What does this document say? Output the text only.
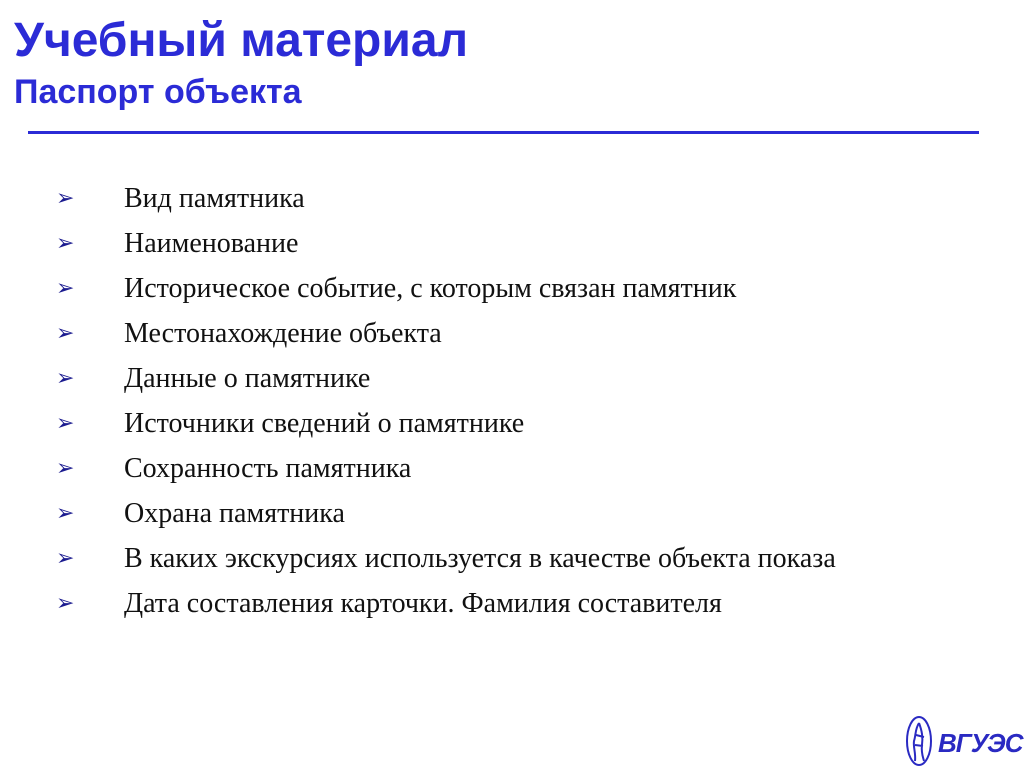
Учебный материал
Паспорт объекта
➢	Вид памятника
➢	Наименование
➢	Историческое событие, с которым связан памятник
➢	Местонахождение объекта
➢	Данные о памятнике
➢	Источники сведений о памятнике
➢	Сохранность памятника
➢	Охрана памятника
➢	В каких экскурсиях используется в качестве объекта показа
➢	Дата составления карточки. Фамилия составителя
ВГУЭС
